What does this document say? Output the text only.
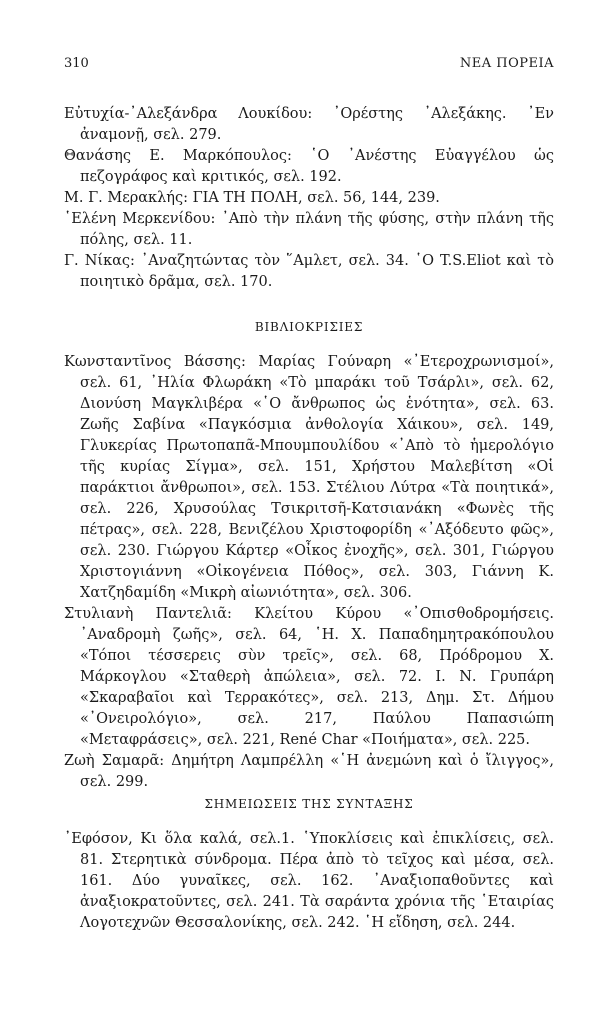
310	ΝΕΑ ΠΟΡΕΙΑ

Εὐτυχία-᾿Αλεξάνδρα Λουκίδου: ᾿Ορέστης ᾿Αλεξάκης. ᾿Εν ἀναμονῇ, σελ. 279.

Θανάσης Ε. Μαρκόπουλος: ῾Ο ᾿Ανέστης Εὐαγγέλου ὡς πεζογράφος καὶ κριτικός, σελ. 192.

Μ. Γ. Μερακλής: ΓΙΑ ΤΗ ΠΟΛΗ, σελ. 56, 144, 239.

῾Ελένη Μερκενίδου: ᾿Απὸ τὴν πλάνη τῆς φύσης, στὴν πλάνη τῆς πόλης, σελ. 11.

Γ. Νίκας: ᾿Αναζητώντας τὸν ῞Αμλετ, σελ. 34. ῾Ο T.S.Eliot καὶ τὸ ποιητικὸ δρᾶμα, σελ. 170.

ΒΙΒΛΙΟΚΡΙΣΙΕΣ

Κωνσταντῖνος Βάσσης: Μαρίας Γούναρη «᾿Ετεροχρωνισμοί», σελ. 61, ᾿Ηλία Φλωράκη «Τὸ μπαράκι τοῦ Τσάρλι», σελ. 62, Διονύση Μαγκλιβέρα «῾Ο ἄνθρωπος ὡς ἑνότητα», σελ. 63. Ζωῆς Σαβίνα «Παγκόσμια ἀνθολογία Χάικου», σελ. 149, Γλυκερίας Πρωτοπαπᾶ-Μπουμπουλίδου «᾿Απὸ τὸ ἡμερολόγιο τῆς κυρίας Σίγμα», σελ. 151, Χρήστου Μαλεβίτση «Οἱ παράκτιοι ἄνθρωποι», σελ. 153. Στέλιου Λύτρα «Τὰ ποιητικά», σελ. 226, Χρυσούλας Τσικριτσῆ-Κατσιανάκη «Φωνὲς τῆς πέτρας», σελ. 228, Βενιζέλου Χριστοφορίδη «᾿Αξόδευτο φῶς», σελ. 230. Γιώργου Κάρτερ «Οἶκος ἐνοχῆς», σελ. 301, Γιώργου Χριστογιάννη «Οἰκογένεια Πόθος», σελ. 303, Γιάννη Κ. Χατζηδαμίδη «Μικρὴ αἰωνιότητα», σελ. 306.

Στυλιανὴ Παντελιᾶ: Κλείτου Κύρου «᾿Οπισθοδρομήσεις. ᾿Αναδρομὴ ζωῆς», σελ. 64, ῾Η. Χ. Παπαδημητρακόπουλου «Τόποι τέσσερεις σὺν τρεῖς», σελ. 68, Πρόδρομου Χ. Μάρκογλου «Σταθερὴ ἀπώλεια», σελ. 72. Ι. Ν. Γρυπάρη «Σκαραβαῖοι καὶ Τερρακότες», σελ. 213, Δημ. Στ. Δήμου «᾿Ονειρολόγιο», σελ. 217, Παύλου Παπασιώπη «Μεταφράσεις», σελ. 221, René Char «Ποιήματα», σελ. 225.

Ζωὴ Σαμαρᾶ: Δημήτρη Λαμπρέλλη «῾Η ἀνεμώνη καὶ ὁ ἴλιγγος», σελ. 299.

ΣΗΜΕΙΩΣΕΙΣ ΤΗΣ ΣΥΝΤΑΞΗΣ

᾿Εφόσον, Κι ὅλα καλά, σελ.1. ῾Υποκλίσεις καὶ ἐπικλίσεις, σελ. 81. Στερητικὰ σύνδρομα. Πέρα ἀπὸ τὸ τεῖχος καὶ μέσα, σελ. 161. Δύο γυναῖκες, σελ. 162. ᾿Αναξιοπαθοῦντες καὶ ἀναξιοκρατοῦντες, σελ. 241. Τὰ σαράντα χρόνια τῆς ῾Εταιρίας Λογοτεχνῶν Θεσσαλονίκης, σελ. 242. ῾Η εἴδηση, σελ. 244.
